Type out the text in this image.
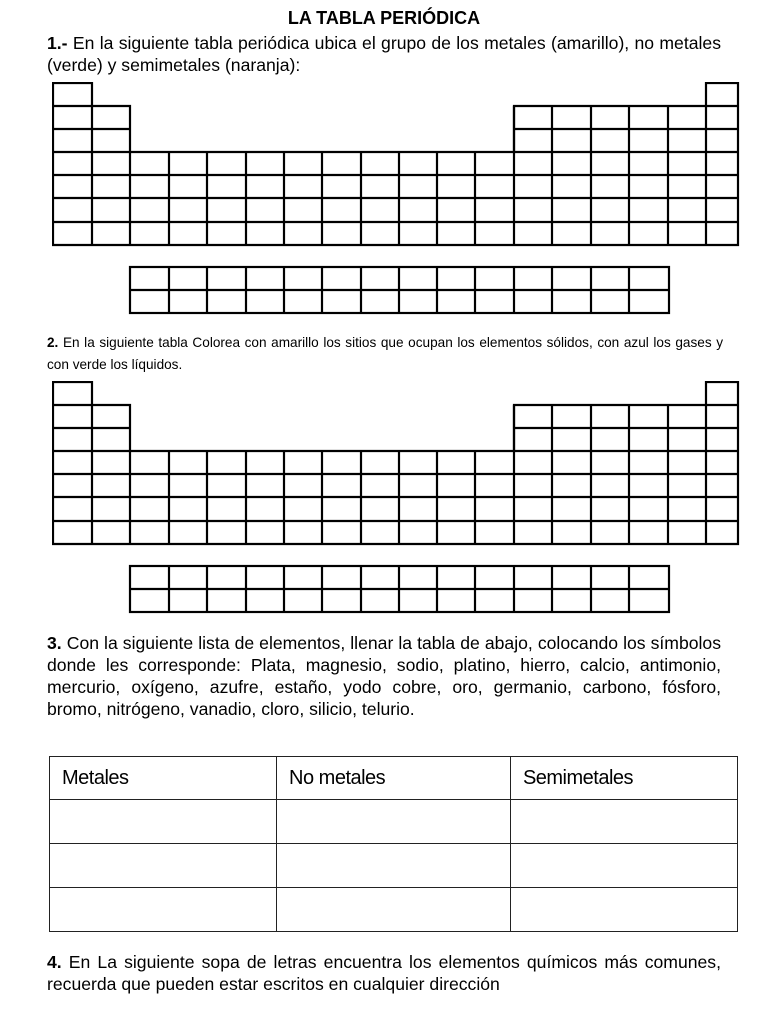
LA TABLA PERIÓDICA
1.- En la siguiente tabla periódica ubica el grupo de los metales (amarillo), no metales (verde) y semimetales (naranja):
2. En la siguiente tabla Colorea con amarillo los sitios que ocupan los elementos sólidos, con azul los gases y con verde los líquidos.
3. Con la siguiente lista de elementos, llenar la tabla de abajo, colocando los símbolos donde les corresponde: Plata, magnesio, sodio, platino, hierro, calcio, antimonio, mercurio, oxígeno, azufre, estaño, yodo cobre, oro, germanio, carbono, fósforo, bromo, nitrógeno, vanadio, cloro, silicio, telurio.
Metales	No metales	Semimetales

4. En La siguiente sopa de letras encuentra los elementos químicos más comunes, recuerda que pueden estar escritos en cualquier dirección
